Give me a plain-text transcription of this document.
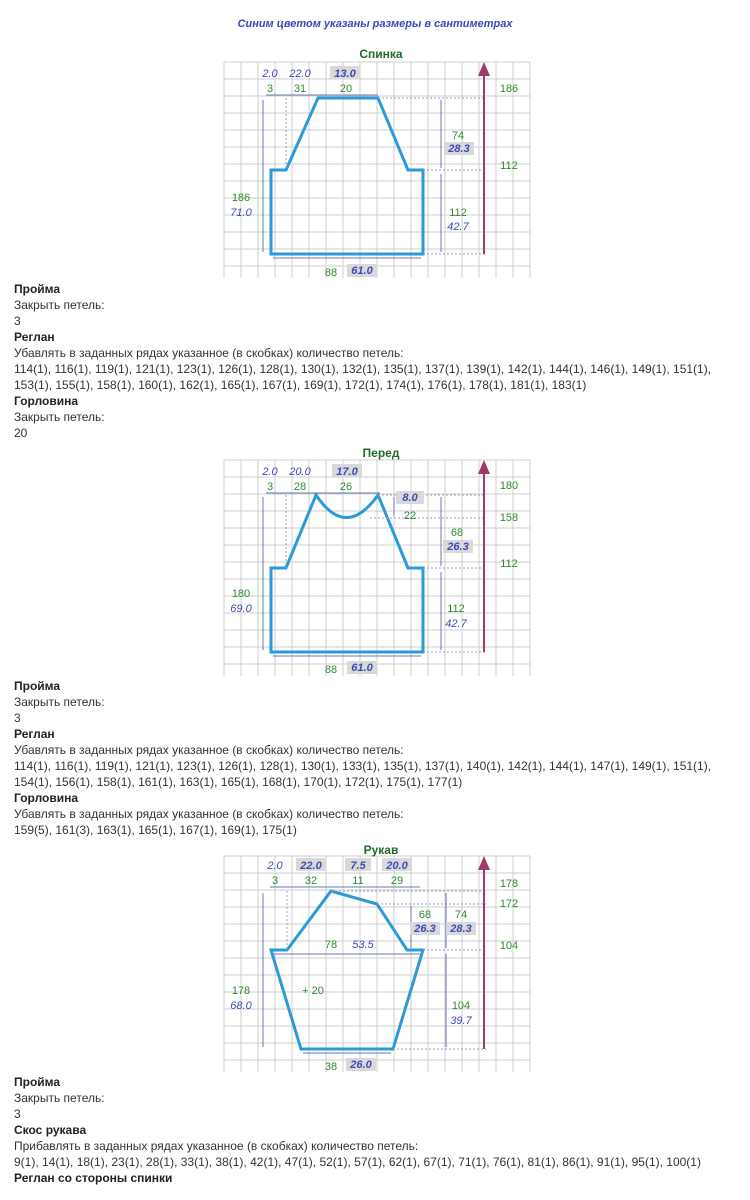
Синим цветом указаны размеры в сантиметрах
Спинка
2.0 22.0 13.0
3 31	20	186
112
74
28.3
112
42.7
186
71.0
88 61.0
Пройма
Закрыть петель:
3
Реглан
Убавлять в заданных рядах указанное (в скобках) количество петель:
114(1), 116(1), 119(1), 121(1), 123(1), 126(1), 128(1), 130(1), 132(1), 135(1), 137(1), 139(1), 142(1), 144(1), 146(1), 149(1), 151(1), 153(1), 155(1), 158(1), 160(1), 162(1), 165(1), 167(1), 169(1), 172(1), 174(1), 176(1), 178(1), 181(1), 183(1)
Горловина
Закрыть петель:
20
Перед
2.0 20.0 17.0
3 28	26
8.0
22
180
158
112
68
26.3
112
42.7
180
69.0
88 61.0
Пройма
Закрыть петель:
3
Реглан
Убавлять в заданных рядах указанное (в скобках) количество петель:
114(1), 116(1), 119(1), 121(1), 123(1), 126(1), 128(1), 130(1), 133(1), 135(1), 137(1), 140(1), 142(1), 144(1), 147(1), 149(1), 151(1), 154(1), 156(1), 158(1), 161(1), 163(1), 165(1), 168(1), 170(1), 172(1), 175(1), 177(1)
Горловина
Убавлять в заданных рядах указанное (в скобках) количество петель:
159(5), 161(3), 163(1), 165(1), 167(1), 169(1), 175(1)
Рукав
2.0 22.0	7.5 20.0
3 32	11 29	178
172
104
68
26.3
74
28.3
78 53.5
+ 20
104
39.7
178
68.0
38 26.0
Пройма
Закрыть петель:
3
Скос рукава
Прибавлять в заданных рядах указанное (в скобках) количество петель:
9(1), 14(1), 18(1), 23(1), 28(1), 33(1), 38(1), 42(1), 47(1), 52(1), 57(1), 62(1), 67(1), 71(1), 76(1), 81(1), 86(1), 91(1), 95(1), 100(1)
Реглан со стороны спинки
